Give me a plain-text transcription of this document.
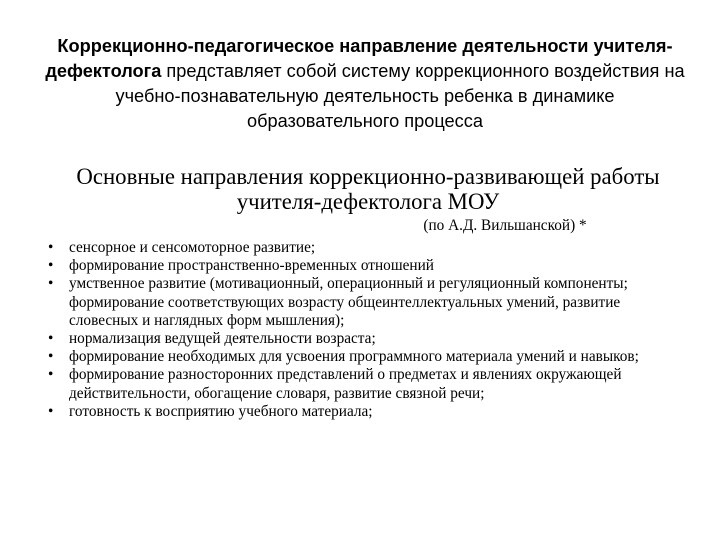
Коррекционно-педагогическое направление деятельности учителя-дефектолога представляет собой систему коррекционного воздействия на учебно-познавательную деятельность ребенка в динамике образовательного процесса
Основные направления коррекционно-развивающей работы учителя-дефектолога МОУ
(по А.Д. Вильшанской) *
• сенсорное и сенсомоторное развитие;
• формирование пространственно-временных отношений
• умственное развитие (мотивационный, операционный и регуляционный компоненты; формирование соответствующих возрасту общеинтеллектуальных умений, развитие словесных и наглядных форм мышления);
• нормализация ведущей деятельности возраста;
• формирование необходимых для усвоения программного материала умений и навыков;
• формирование разносторонних представлений о предметах и явлениях окружающей действительности, обогащение словаря, развитие связной речи;
• готовность к восприятию учебного материала;
